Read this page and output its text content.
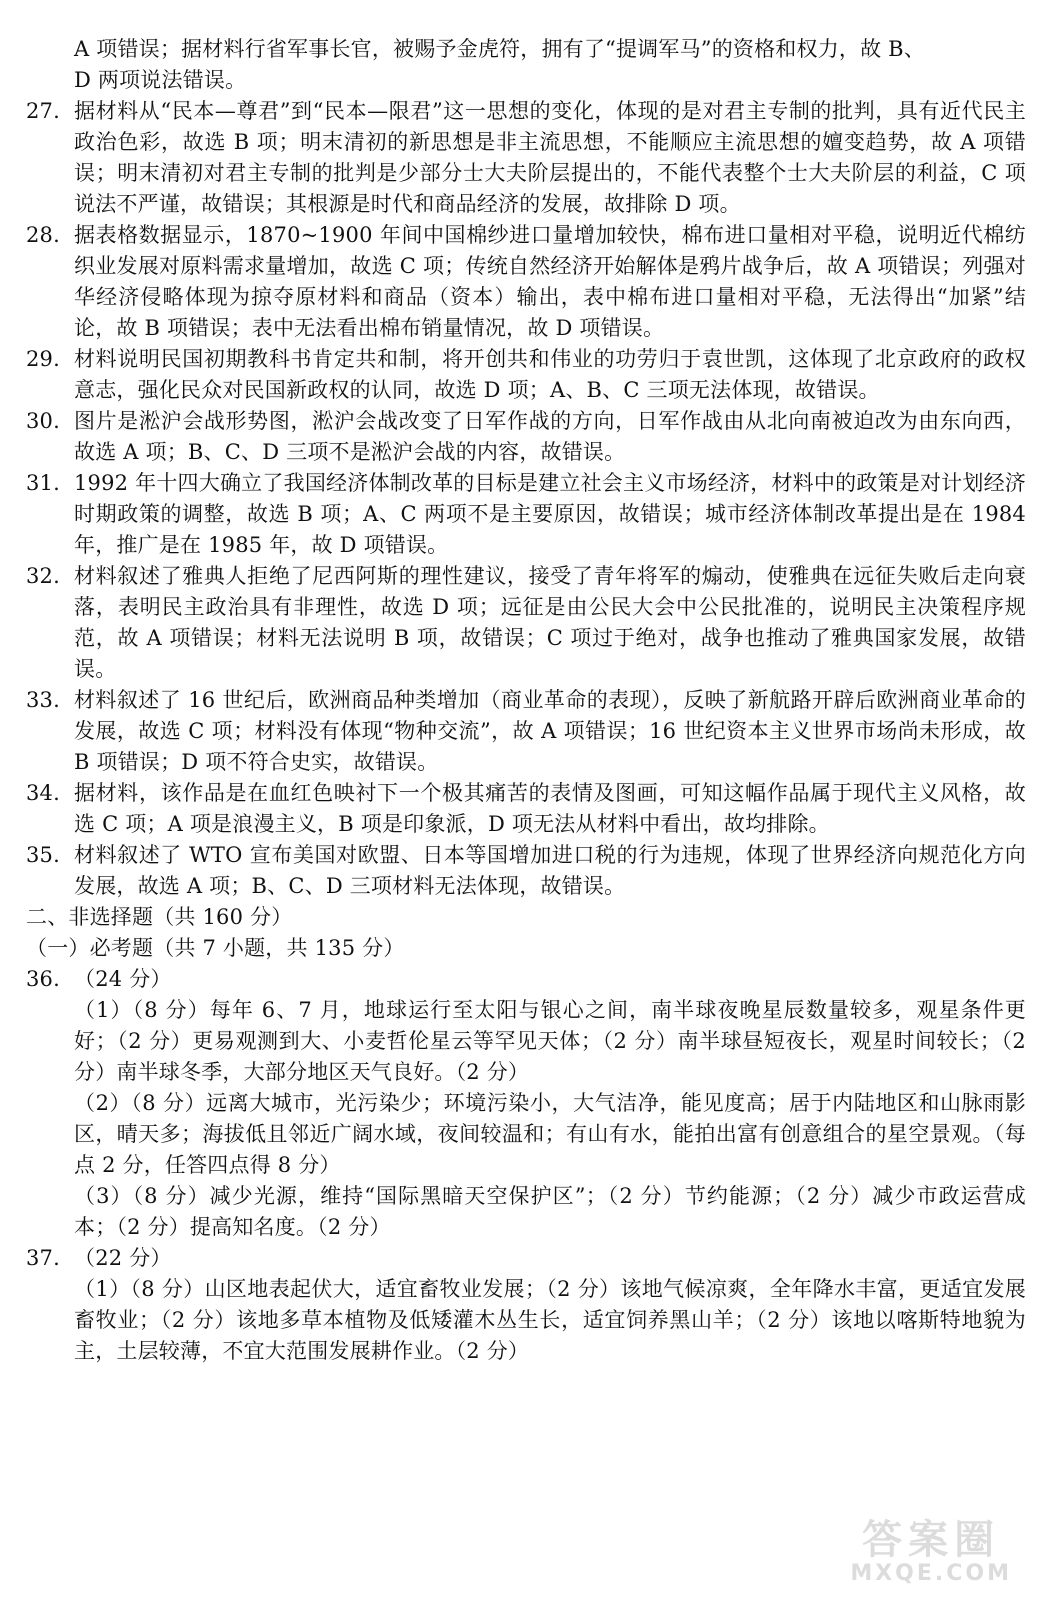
A 项错误；据材料行省军事长官，被赐予金虎符，拥有了“提调军马”的资格和权力，故 B、
D 两项说法错误。
27. 据材料从“民本—尊君”到“民本—限君”这一思想的变化，体现的是对君主专制的批判，具有近代民主政治色彩，故选 B 项；明末清初的新思想是非主流思想，不能顺应主流思想的嬗变趋势，故 A 项错误；明末清初对君主专制的批判是少部分士大夫阶层提出的，不能代表整个士大夫阶层的利益，C 项说法不严谨，故错误；其根源是时代和商品经济的发展，故排除 D 项。
28. 据表格数据显示，1870~1900 年间中国棉纱进口量增加较快，棉布进口量相对平稳，说明近代棉纺织业发展对原料需求量增加，故选 C 项；传统自然经济开始解体是鸦片战争后，故 A 项错误；列强对华经济侵略体现为掠夺原材料和商品（资本）输出，表中棉布进口量相对平稳，无法得出“加紧”结论，故 B 项错误；表中无法看出棉布销量情况，故 D 项错误。
29. 材料说明民国初期教科书肯定共和制，将开创共和伟业的功劳归于袁世凯，这体现了北京政府的政权意志，强化民众对民国新政权的认同，故选 D 项；A、B、C 三项无法体现，故错误。
30. 图片是淞沪会战形势图，淞沪会战改变了日军作战的方向，日军作战由从北向南被迫改为由东向西，故选 A 项；B、C、D 三项不是淞沪会战的内容，故错误。
31. 1992 年十四大确立了我国经济体制改革的目标是建立社会主义市场经济，材料中的政策是对计划经济时期政策的调整，故选 B 项；A、C 两项不是主要原因，故错误；城市经济体制改革提出是在 1984 年，推广是在 1985 年，故 D 项错误。
32. 材料叙述了雅典人拒绝了尼西阿斯的理性建议，接受了青年将军的煽动，使雅典在远征失败后走向衰落，表明民主政治具有非理性，故选 D 项；远征是由公民大会中公民批准的，说明民主决策程序规范，故 A 项错误；材料无法说明 B 项，故错误；C 项过于绝对，战争也推动了雅典国家发展，故错误。
33. 材料叙述了 16 世纪后，欧洲商品种类增加（商业革命的表现），反映了新航路开辟后欧洲商业革命的发展，故选 C 项；材料没有体现“物种交流”，故 A 项错误；16 世纪资本主义世界市场尚未形成，故 B 项错误；D 项不符合史实，故错误。
34. 据材料，该作品是在血红色映衬下一个极其痛苦的表情及图画，可知这幅作品属于现代主义风格，故选 C 项；A 项是浪漫主义，B 项是印象派，D 项无法从材料中看出，故均排除。
35. 材料叙述了 WTO 宣布美国对欧盟、日本等国增加进口税的行为违规，体现了世界经济向规范化方向发展，故选 A 项；B、C、D 三项材料无法体现，故错误。
二、非选择题（共 160 分）
（一）必考题（共 7 小题，共 135 分）
36. （24 分）
（1）（8 分）每年 6、7 月，地球运行至太阳与银心之间，南半球夜晚星辰数量较多，观星条件更好；（2 分）更易观测到大、小麦哲伦星云等罕见天体；（2 分）南半球昼短夜长，观星时间较长；（2 分）南半球冬季，大部分地区天气良好。（2 分）
（2）（8 分）远离大城市，光污染少；环境污染小，大气洁净，能见度高；居于内陆地区和山脉雨影区，晴天多；海拔低且邻近广阔水域，夜间较温和；有山有水，能拍出富有创意组合的星空景观。（每点 2 分，任答四点得 8 分）
（3）（8 分）减少光源，维持“国际黑暗天空保护区”；（2 分）节约能源；（2 分）减少市政运营成本；（2 分）提高知名度。（2 分）
37. （22 分）
（1）（8 分）山区地表起伏大，适宜畜牧业发展；（2 分）该地气候凉爽，全年降水丰富，更适宜发展畜牧业；（2 分）该地多草本植物及低矮灌木丛生长，适宜饲养黑山羊；（2 分）该地以喀斯特地貌为主，土层较薄，不宜大范围发展耕作业。（2 分）
答案圈
MXQE.COM
